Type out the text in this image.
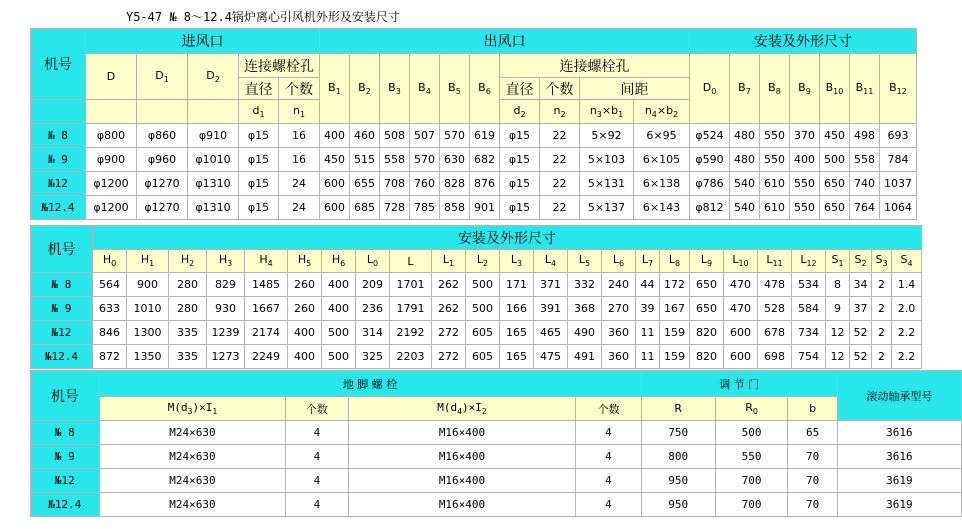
Y5-47 № 8～12.4锅炉离心引风机外形及安装尺寸
机号	进风口					出风口										安装及外形尺寸						
	D	$D_1$	$D_2$	连接螺栓孔		$B_1$	$B_2$	$B_3$	$B_4$	$B_5$	$B_6$	连接螺栓孔				$D_0$	$B_7$	$B_8$	$B_9$	$B_{10}$	$B_{11}$	$B_{12}$
				直径	个数							直径	个数	间距								
				$d_1$	$n_1$							$d_2$	$n_2$	$n_3\times b_1$	$n_4\times b_2$
№ 8	φ800	φ860	φ910	φ15	16	400	460	508	507	570	619	φ15	22	5×92	6×95	φ524	480	550	370	450	498	693
№ 9	φ900	φ960	φ1010	φ15	16	450	515	558	570	630	682	φ15	22	5×103	6×105	φ590	480	550	400	500	558	784
№12	φ1200	φ1270	φ1310	φ15	24	600	655	708	760	828	876	φ15	22	5×131	6×138	φ786	540	610	550	650	740	1037
№12.4	φ1200	φ1270	φ1310	φ15	24	600	685	728	785	858	901	φ15	22	5×137	6×143	φ812	540	610	550	650	764	1064
机号	安装及外形尺寸																								
	$H_0$	$H_1$	$H_2$	$H_3$	$H_4$	$H_5$	$H_6$	$L_0$	L	$L_1$	$L_2$	$L_3$	$L_4$	$L_5$	$L_6$	$L_7$	$L_8$	$L_9$	$L_{10}$	$L_{11}$	$L_{12}$	$S_1$	$S_2$	$S_3$	$S_4$
№ 8	564	900	280	829	1485	260	400	209	1701	262	500	171	371	332	240	44	172	650	470	478	534	8	34	2	1.4
№ 9	633	1010	280	930	1667	260	400	236	1791	262	500	166	391	368	270	39	167	650	470	528	584	9	37	2	2.0
№12	846	1300	335	1239	2174	400	500	314	2192	272	605	165	465	490	360	11	159	820	600	678	734	12	52	2	2.2
№12.4	872	1350	335	1273	2249	400	500	325	2203	272	605	165	475	491	360	11	159	820	600	698	754	12	52	2	2.2
机号	地 脚 螺 栓				调 节 门			滚动轴承型号
	$M(d_3)\times I_1$	个数	$M(d_4)\times I_2$	个数	R	$R_0$	b	
№ 8	M24×630	4	M16×400	4	750	500	65	3616
№ 9	M24×630	4	M16×400	4	800	550	70	3616
№12	M24×630	4	M16×400	4	950	700	70	3619
№12.4	M24×630	4	M16×400	4	950	700	70	3619
